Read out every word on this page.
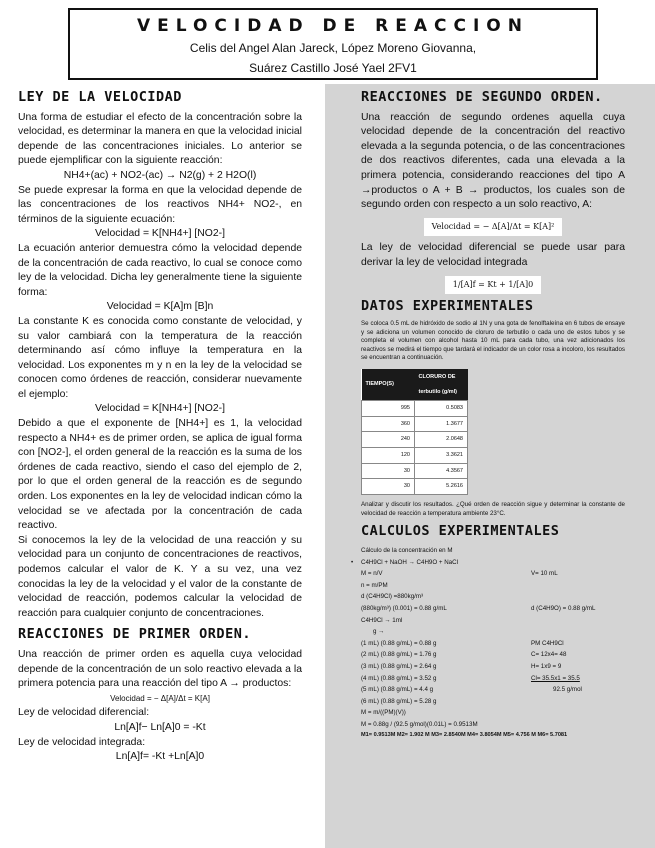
VELOCIDAD DE REACCION
Celis del Angel Alan Jareck, López Moreno Giovanna,
Suárez Castillo José Yael 2FV1
LEY DE LA VELOCIDAD

Una forma de estudiar el efecto de la concentración sobre la velocidad, es determinar la manera en que la velocidad inicial depende de las concentraciones iniciales. Lo anterior se puede ejemplificar con la siguiente reacción:

NH4+(ac) + NO2-(ac) → N2(g) + 2 H2O(l)

Se puede expresar la forma en que la velocidad depende de las concentraciones de los reactivos NH4+ NO2-, en términos de la siguiente ecuación:

Velocidad = K[NH4+] [NO2-]

La ecuación anterior demuestra cómo la velocidad depende de la concentración de cada reactivo, lo cual se conoce como ley de la velocidad. Dicha ley generalmente tiene la siguiente forma:

Velocidad = K[A]m [B]n

La constante K es conocida como constante de velocidad, y su valor cambiará con la temperatura de la reacción determinando así cómo influye la temperatura en la velocidad. Los exponentes m y n en la ley de la velocidad se conocen como órdenes de reacción, considerar nuevamente el ejemplo:

Velocidad = K[NH4+] [NO2-]

Debido a que el exponente de [NH4+] es 1, la velocidad respecto a NH4+ es de primer orden, se aplica de igual forma con [NO2-], el orden general de la reacción es la suma de los órdenes de cada reactivo, siendo el caso del ejemplo de 2, por lo que el orden general de la reacción es de segundo orden. Los exponentes en la ley de velocidad indican cómo la velocidad se ve afectada por la concentración de cada reactivo.

Si conocemos la ley de la velocidad de una reacción y su velocidad para un conjunto de concentraciones de reactivos, podemos calcular el valor de K. Y a su vez, una vez conocidas la ley de la velocidad y el valor de la constante de velocidad de reacción, podemos calcular la velocidad de reacción para cualquier conjunto de concentraciones.

REACCIONES DE PRIMER ORDEN.

Una reacción de primer orden es aquella cuya velocidad depende de la concentración de un solo reactivo elevada a la primera potencia para una reacción del tipo A → productos:

Velocidad = − Δ[A]/Δt = K[A]

Ley de velocidad diferencial:

Ln[A]f− Ln[A]0 = -Kt

Ley de velocidad integrada:

Ln[A]f= -Kt +Ln[A]0

REACCIONES DE SEGUNDO ORDEN.

Una reacción de segundo ordenes aquella cuya velocidad depende de la concentración del reactivo elevada a la segunda potencia, o de las concentraciones de dos reactivos diferentes, cada una elevada a la primera potencia, considerando reacciones del tipo A →productos o A + B → productos, los cuales son de segundo orden con respecto a un solo reactivo, A:

Velocidad = − Δ[A]/Δt = K[A]²

La ley de velocidad diferencial se puede usar para derivar la ley de velocidad integrada

1/[A]f = Kt + 1/[A]0
DATOS EXPERIMENTALES

Se coloca 0.5 mL de hidróxido de sodio al 1N y una gota de fenolftaleína en 6 tubos de ensaye y se adiciona un volumen conocido de cloruro de terbutilo o cada uno de estos tubos y se completa el volumen con alcohol hasta 10 mL para cada tubo, una vez adicionados los reactivos se medirá el tiempo que tardará el indicador de un color rosa a incoloro, los resultados se encuentran a continuación.

TIEMPO(S)	CLORURO DE terbutilo (g/ml)
995	0.5083
360	1.3677
240	2.0648
120	3.3621
30	4.3567
30	5.2616

Analizar y discutir los resultados. ¿Qué orden de reacción sigue y determinar la constante de velocidad de reacción a temperatura ambiente 23°C.

CALCULOS EXPERIMENTALES
Cálculo de la concentración en M
• C4H9Cl + NaOH → C4H9O + NaCl
M = n/V	V= 10 mL
n = m/PM
d (C4H9Cl) =880kg/m³
(880kg/m³) (0.001) = 0.88 g/mL	d (C4H9O) = 0.88 g/mL
C4H9Cl → 1ml
g →
(1 mL) (0.88 g/mL) = 0.88 g	PM C4H9Cl
(2 mL) (0.88 g/mL) = 1.76 g	C= 12x4= 48
(3 mL) (0.88 g/mL) = 2.64 g	H= 1x9 = 9
(4 mL) (0.88 g/mL) = 3.52 g	Cl= 35.5x1 = 35.5
(5 mL) (0.88 g/mL) = 4.4 g	92.5 g/mol
(6 mL) (0.88 g/mL) = 5.28 g
M = m/((PM)(V))
M = 0.88g / (92.5 g/mol)(0.01L) = 0.9513M
M1= 0.9513M M2= 1.902 M M3= 2.8540M M4= 3.8054M M5= 4.756 M M6= 5.7081
